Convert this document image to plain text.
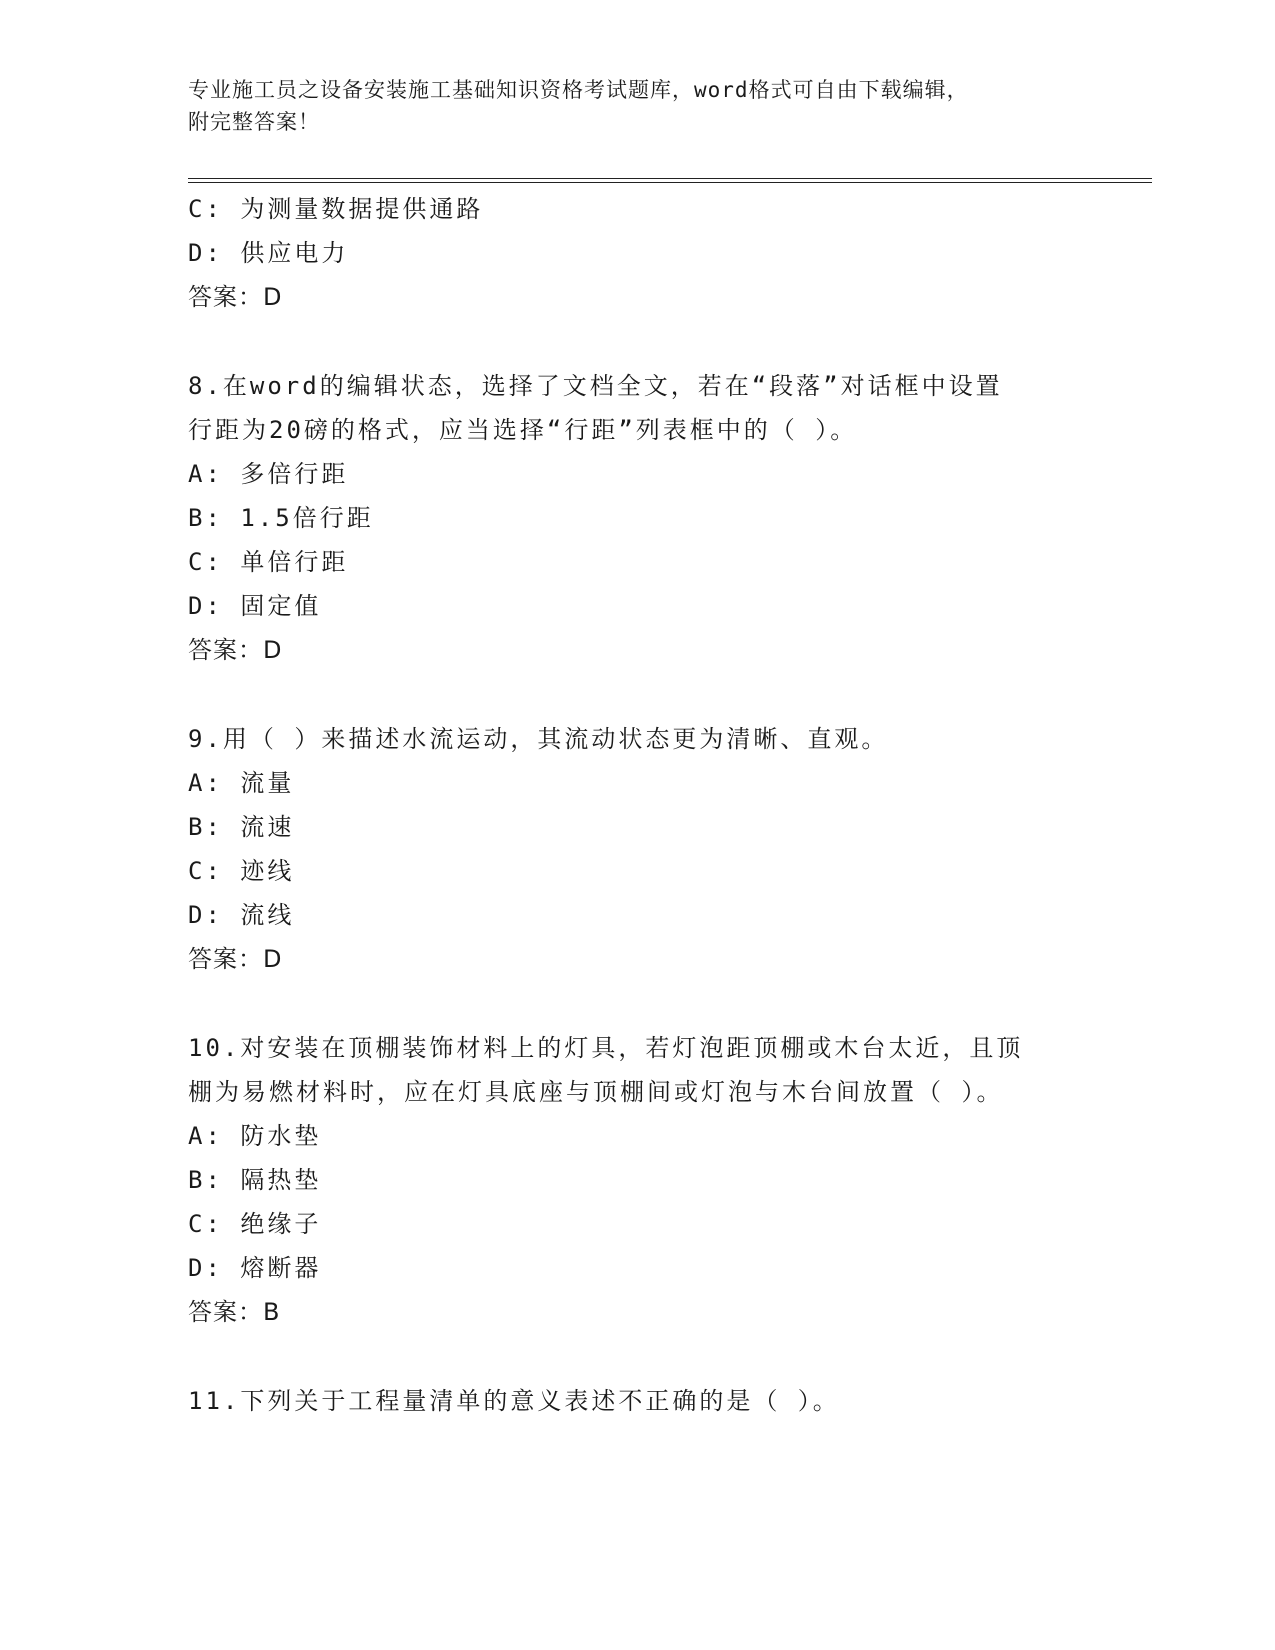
专业施工员之设备安装施工基础知识资格考试题库，word格式可自由下载编辑，
附完整答案！
C: 为测量数据提供通路
D: 供应电力
答案：D
8.在word的编辑状态，选择了文档全文，若在“段落”对话框中设置
行距为20磅的格式，应当选择“行距”列表框中的（ ）。
A: 多倍行距
B: 1.5倍行距
C: 单倍行距
D: 固定值
答案：D
9.用（ ）来描述水流运动，其流动状态更为清晰、直观。
A: 流量
B: 流速
C: 迹线
D: 流线
答案：D
10.对安装在顶棚装饰材料上的灯具，若灯泡距顶棚或木台太近，且顶
棚为易燃材料时，应在灯具底座与顶棚间或灯泡与木台间放置（ ）。
A: 防水垫
B: 隔热垫
C: 绝缘子
D: 熔断器
答案：B
11.下列关于工程量清单的意义表述不正确的是（ ）。
